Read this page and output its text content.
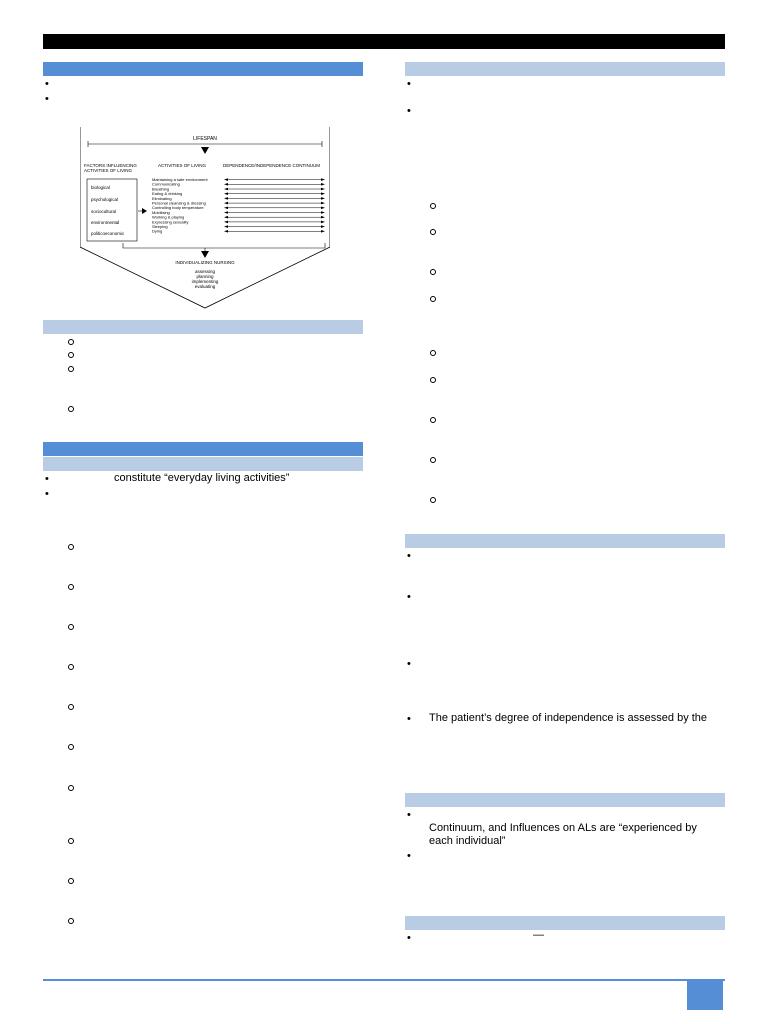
•
•
LIFESPAN
FACTORS INFLUENCING
ACTIVITIES OF LIVING
ACTIVITIES OF LIVING	DEPENDENCE/INDEPENDENCE CONTINUUM
biological
psychological
sociocultural
environmental
politicoeconomic
Maintaining a safe environment
Communicating
Breathing
Eating & drinking
Eliminating
Personal cleansing & dressing
Controlling body temperature
Mobilising
Working & playing
Expressing sexuality
Sleeping
Dying
INDIVIDUALIZING NURSING
assessing
planning
implementing
evaluating
•	constitute “everyday living activities”
•
•
•
•
•
•
• The patient’s degree of independence is assessed by the
•
Continuum, and Influences on ALs are “experienced by
each individual”
•
•	—
